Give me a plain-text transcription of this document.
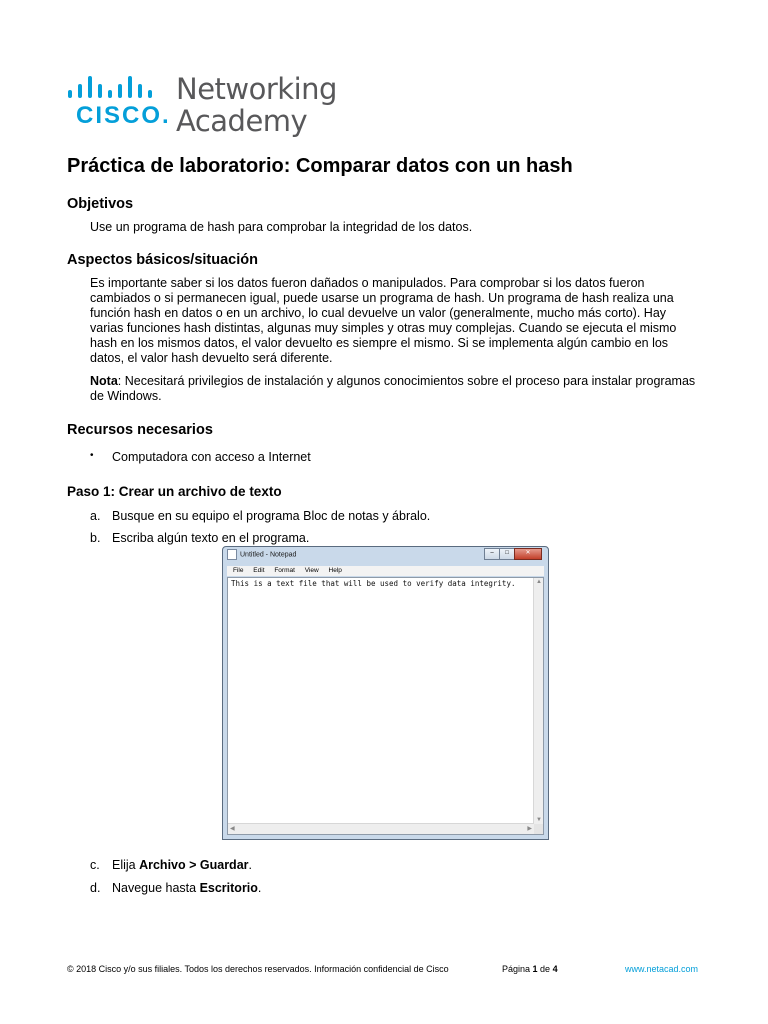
CISCO.
Networking
Academy
Práctica de laboratorio: Comparar datos con un hash
Objetivos

Use un programa de hash para comprobar la integridad de los datos.

Aspectos básicos/situación

Es importante saber si los datos fueron dañados o manipulados. Para comprobar si los datos fueron cambiados o si permanecen igual, puede usarse un programa de hash. Un programa de hash realiza una función hash en datos o en un archivo, lo cual devuelve un valor (generalmente, mucho más corto). Hay varias funciones hash distintas, algunas muy simples y otras muy complejas. Cuando se ejecuta el mismo hash en los mismos datos, el valor devuelto es siempre el mismo. Si se implementa algún cambio en los datos, el valor hash devuelto será diferente.

Nota: Necesitará privilegios de instalación y algunos conocimientos sobre el proceso para instalar programas de Windows.

Recursos necesarios
• Computadora con acceso a Internet
Paso 1: Crear un archivo de texto

a. Busque en su equipo el programa Bloc de notas y ábralo.

b. Escriba algún texto en el programa.

Untitled - Notepad	– □	✕
File Edit Format View Help
This is a text file that will be used to verify data integrity.	▲
▼
◀	▶

c. Elija Archivo > Guardar.

d. Navegue hasta Escritorio.

© 2018 Cisco y/o sus filiales. Todos los derechos reservados. Información confidencial de Cisco	Página 1 de 4	www.netacad.com
